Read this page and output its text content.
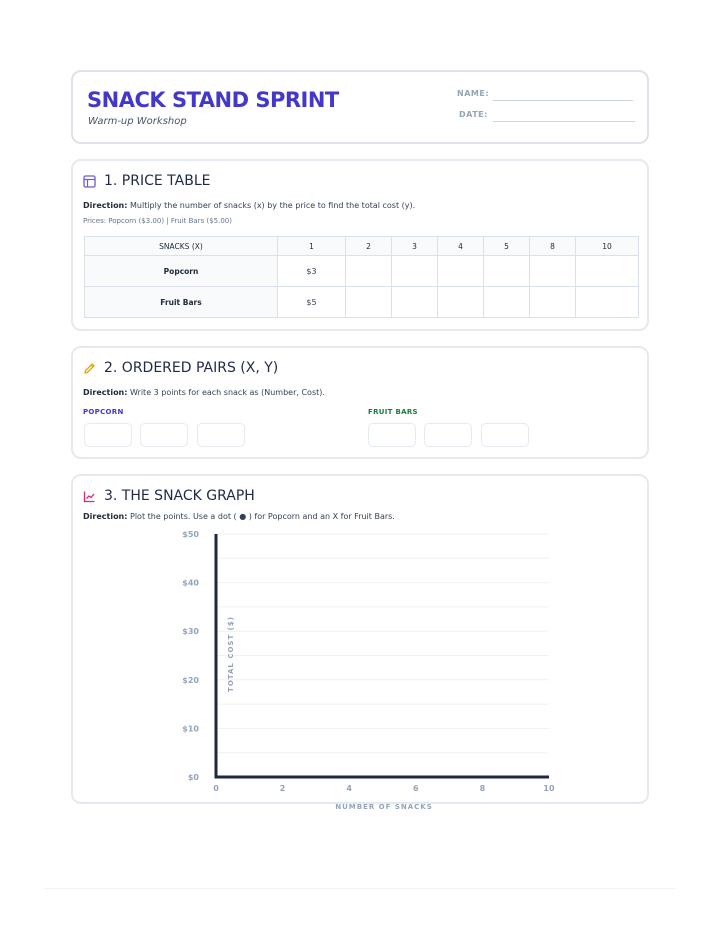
SNACK STAND SPRINT
Warm-up Workshop
NAME:
DATE:
1. PRICE TABLE
Direction: Multiply the number of snacks (x) by the price to find the total cost (y).
Prices: Popcorn ($3.00) | Fruit Bars ($5.00)
SNACKS (X)	1	2	3	4	5	8	10
Popcorn	$3						
Fruit Bars	$5						
2. ORDERED PAIRS (X, Y)
Direction: Write 3 points for each snack as (Number, Cost).
POPCORN	FRUIT BARS
3. THE SNACK GRAPH
Direction: Plot the points. Use a dot ( ● ) for Popcorn and an X for Fruit Bars.
$0
$10
$20
$30
$40
$50
0	2	4	6	8	10
TOTAL COST ($)
NUMBER OF SNACKS
